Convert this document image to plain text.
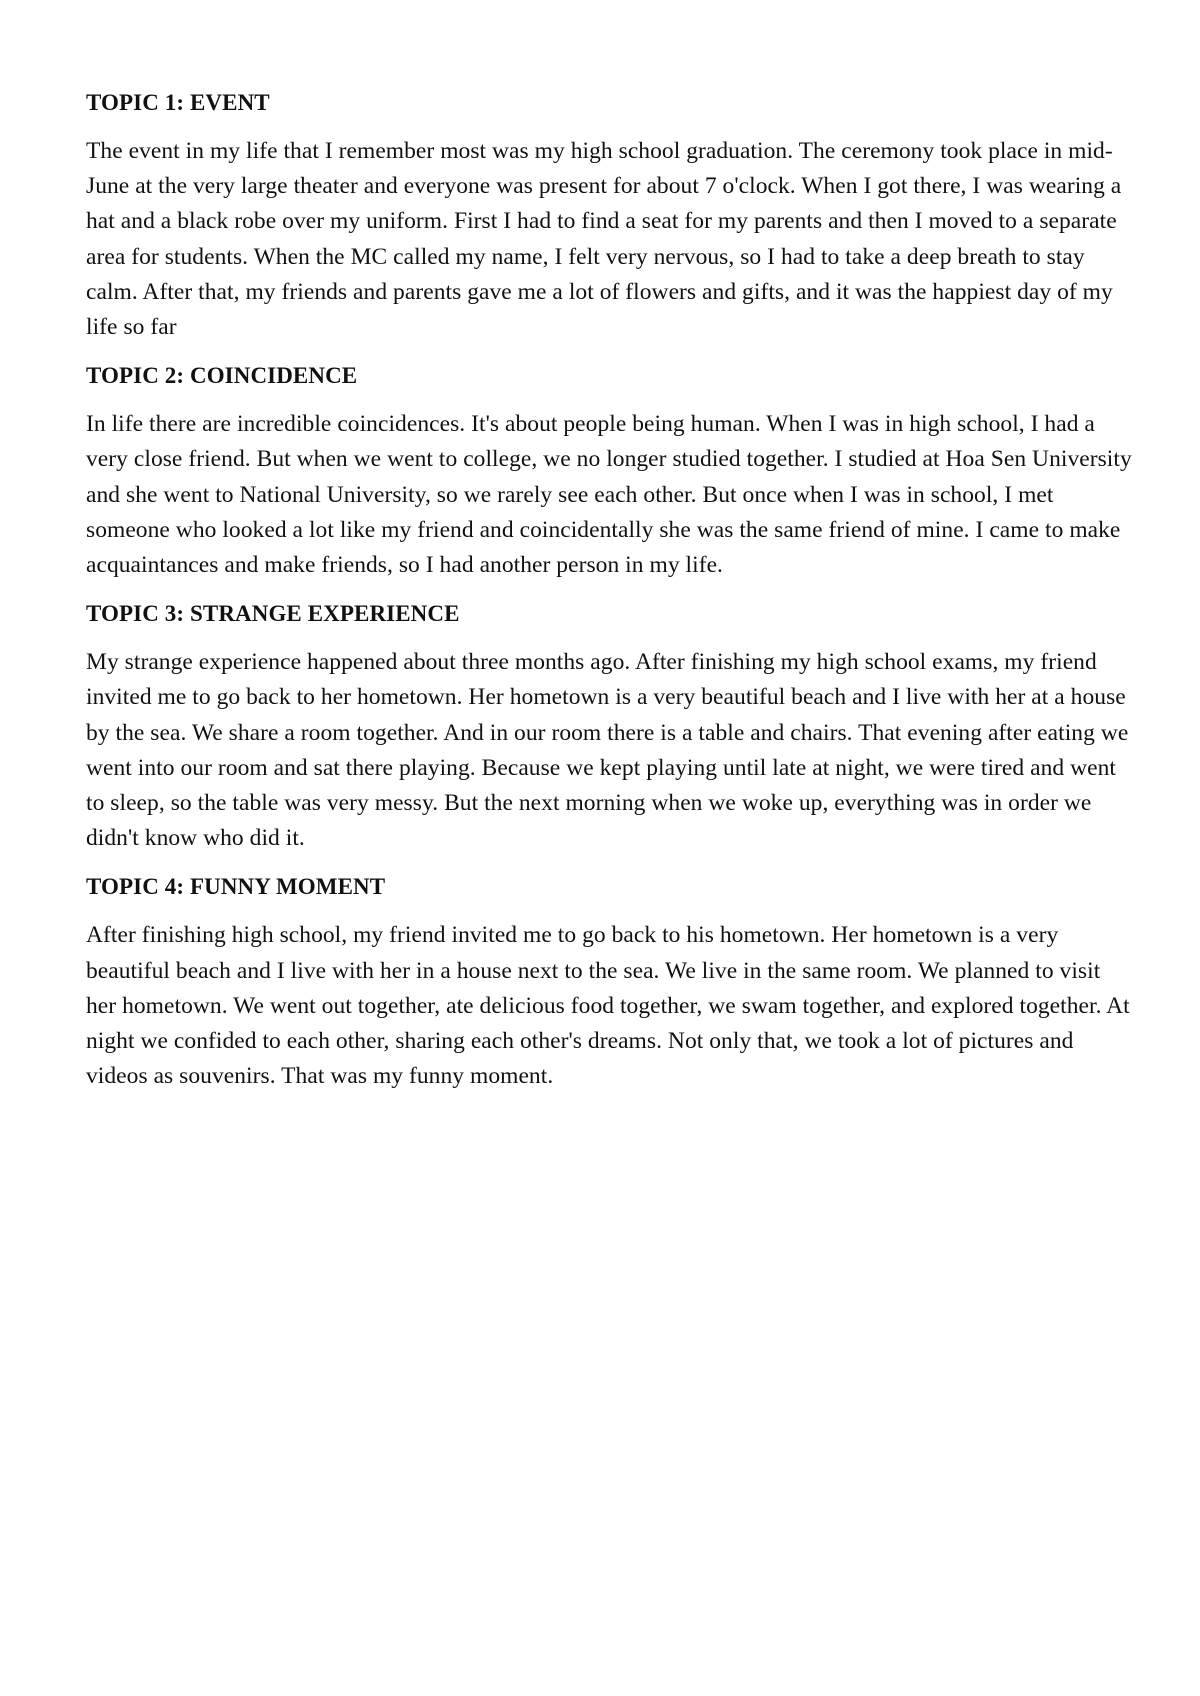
TOPIC 1: EVENT

The event in my life that I remember most was my high school graduation. The ceremony took place in mid-June at the very large theater and everyone was present for about 7 o'clock. When I got there, I was wearing a hat and a black robe over my uniform. First I had to find a seat for my parents and then I moved to a separate area for students. When the MC called my name, I felt very nervous, so I had to take a deep breath to stay calm. After that, my friends and parents gave me a lot of flowers and gifts, and it was the happiest day of my life so far

TOPIC 2: COINCIDENCE

In life there are incredible coincidences. It's about people being human. When I was in high school, I had a very close friend. But when we went to college, we no longer studied together. I studied at Hoa Sen University and she went to National University, so we rarely see each other. But once when I was in school, I met someone who looked a lot like my friend and coincidentally she was the same friend of mine. I came to make acquaintances and make friends, so I had another person in my life.

TOPIC 3: STRANGE EXPERIENCE

My strange experience happened about three months ago. After finishing my high school exams, my friend invited me to go back to her hometown. Her hometown is a very beautiful beach and I live with her at a house by the sea. We share a room together. And in our room there is a table and chairs. That evening after eating we went into our room and sat there playing. Because we kept playing until late at night, we were tired and went to sleep, so the table was very messy. But the next morning when we woke up, everything was in order we didn't know who did it.

TOPIC 4: FUNNY MOMENT

After finishing high school, my friend invited me to go back to his hometown. Her hometown is a very beautiful beach and I live with her in a house next to the sea. We live in the same room. We planned to visit her hometown. We went out together, ate delicious food together, we swam together, and explored together. At night we confided to each other, sharing each other's dreams. Not only that, we took a lot of pictures and videos as souvenirs. That was my funny moment.
